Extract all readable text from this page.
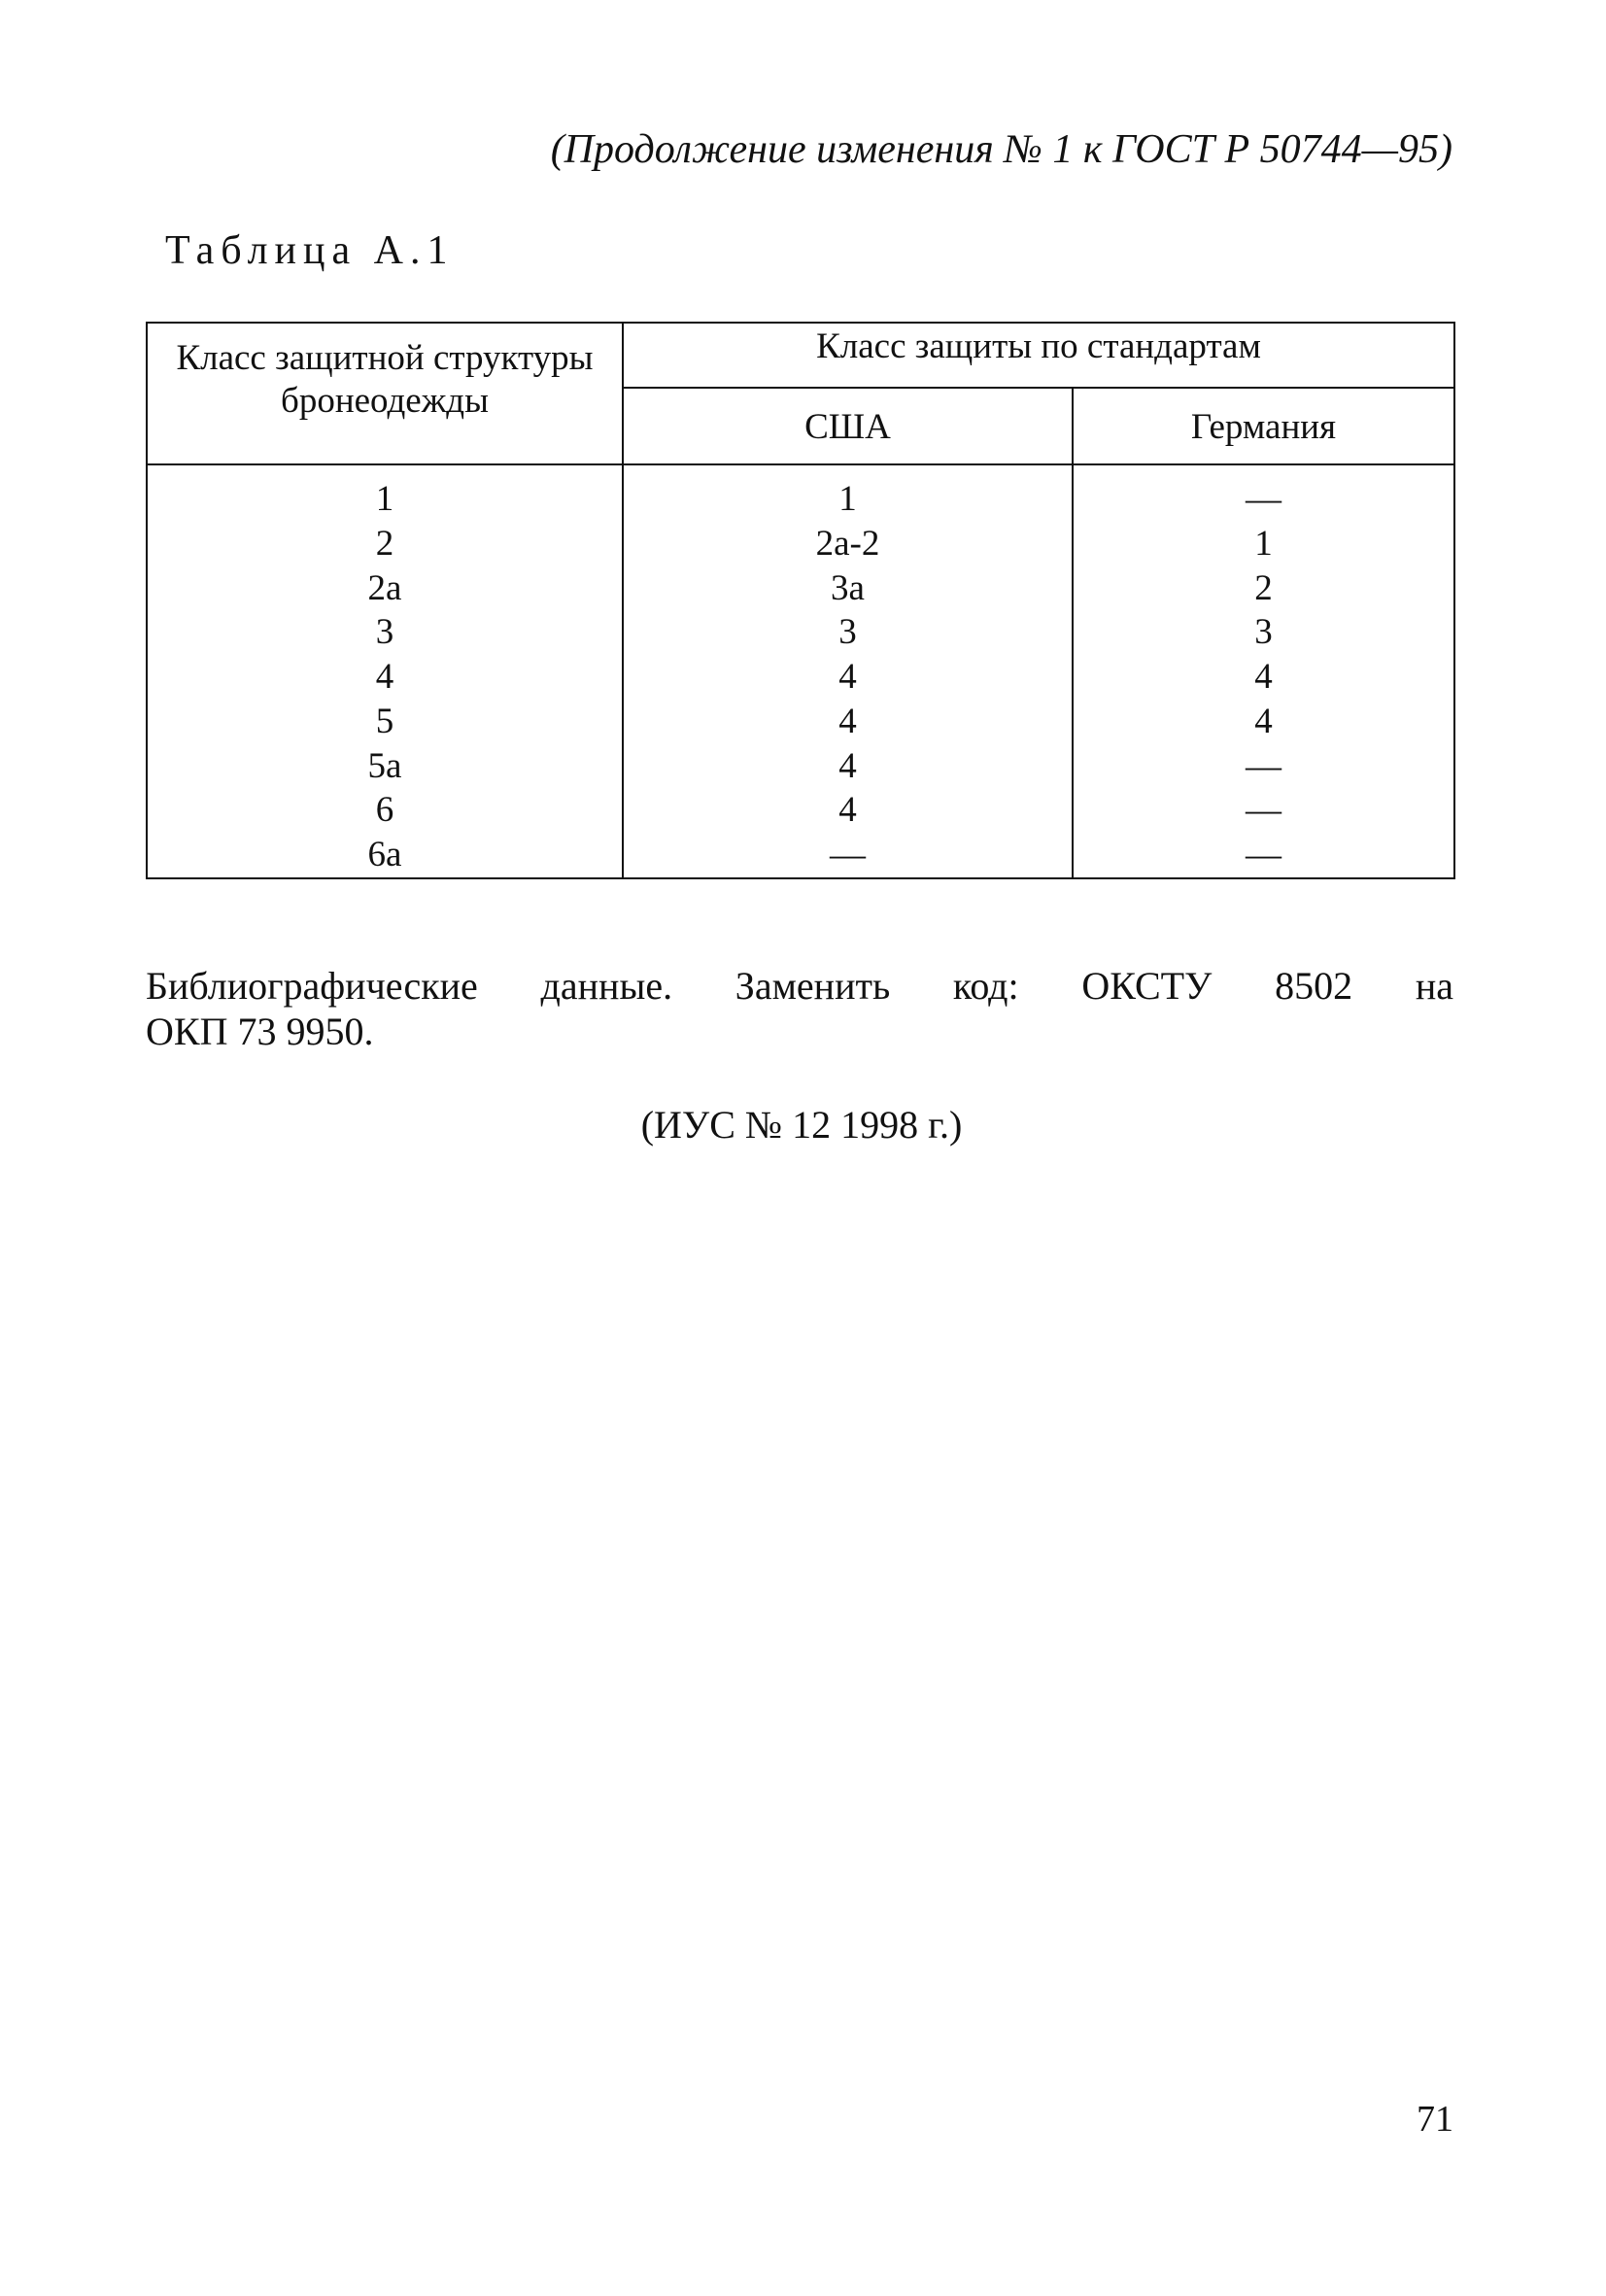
(Продолжение изменения № 1 к ГОСТ Р 50744—95)
Таблица А.1
Класс защитной структуры бронеодежды	Класс защиты по стандартам	
	США	Германия
1	1	—
2	2а-2	1
2а	3а	2
3	3	3
4	4	4
5	4	4
5а	4	—
6	4	—
6а	—	—
Библиографические данные. Заменить код: ОКСТУ 8502 на
ОКП 73 9950.
(ИУС № 12 1998 г.)
71
